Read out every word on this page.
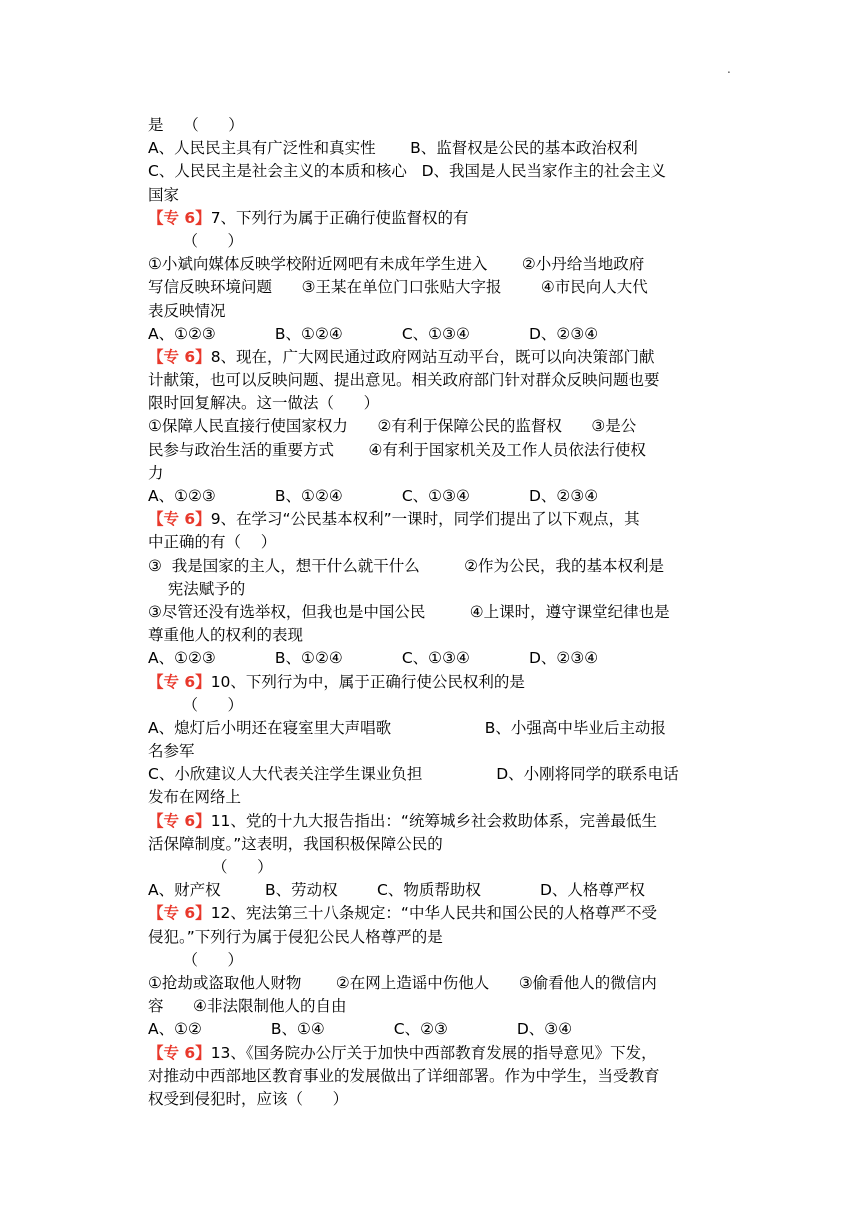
.
是    （      ）
A、人民民主具有广泛性和真实性       B、监督权是公民的基本政治权利
C、人民民主是社会主义的本质和核心   D、我国是人民当家作主的社会主义
国家
【专 6】7、下列行为属于正确行使监督权的有
（      ）
①小斌向媒体反映学校附近网吧有未成年学生进入       ②小丹给当地政府
写信反映环境问题      ③王某在单位门口张贴大字报        ④市民向人大代
表反映情况
A、①②③            B、①②④            C、①③④            D、②③④
【专 6】8、现在，广大网民通过政府网站互动平台，既可以向决策部门献
计献策，也可以反映问题、提出意见。相关政府部门针对群众反映问题也要
限时回复解决。这一做法（      ）
①保障人民直接行使国家权力      ②有利于保障公民的监督权      ③是公
民参与政治生活的重要方式       ④有利于国家机关及工作人员依法行使权
力
A、①②③            B、①②④            C、①③④            D、②③④
【专 6】9、在学习“公民基本权利”一课时，同学们提出了以下观点，其
中正确的有（    ）
③  我是国家的主人，想干什么就干什么         ②作为公民，我的基本权利是
宪法赋予的
③尽管还没有选举权，但我也是中国公民         ④上课时，遵守课堂纪律也是
尊重他人的权利的表现
A、①②③            B、①②④            C、①③④            D、②③④
【专 6】10、下列行为中，属于正确行使公民权利的是
（      ）
A、熄灯后小明还在寝室里大声唱歌                   B、小强高中毕业后主动报
名参军
C、小欣建议人大代表关注学生课业负担               D、小刚将同学的联系电话
发布在网络上
【专 6】11、党的十九大报告指出：“统筹城乡社会救助体系，完善最低生
活保障制度。”这表明，我国积极保障公民的
（      ）
A、财产权         B、劳动权        C、物质帮助权            D、人格尊严权
【专 6】12、宪法第三十八条规定：“中华人民共和国公民的人格尊严不受
侵犯。”下列行为属于侵犯公民人格尊严的是
（      ）
①抢劫或盗取他人财物       ②在网上造谣中伤他人      ③偷看他人的微信内
容      ④非法限制他人的自由
A、①②              B、①④              C、②③              D、③④
【专 6】13、《国务院办公厅关于加快中西部教育发展的指导意见》下发，
对推动中西部地区教育事业的发展做出了详细部署。作为中学生，当受教育
权受到侵犯时，应该（      ）
